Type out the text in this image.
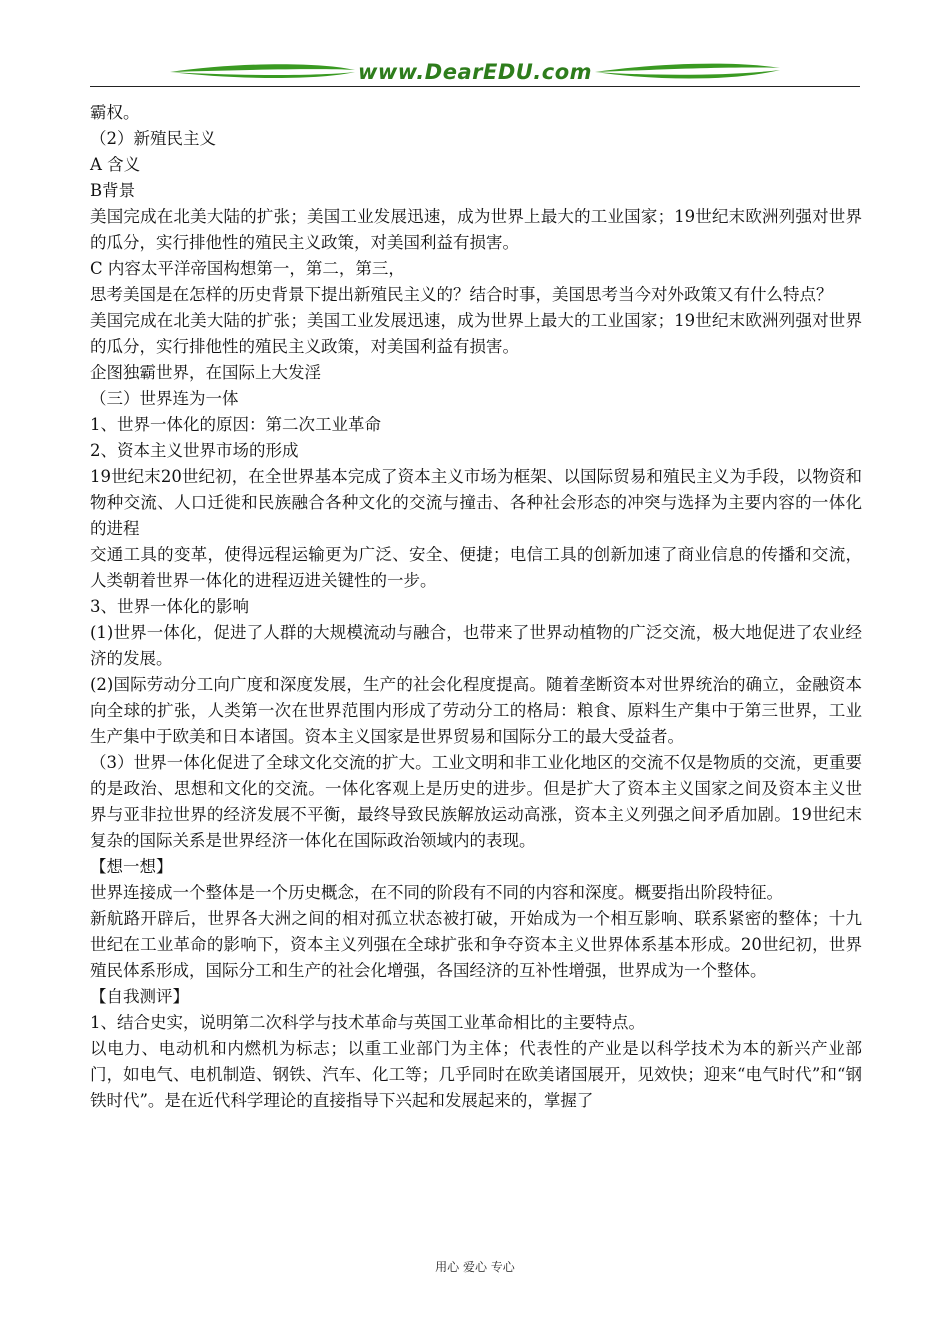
www.DearEDU.com

霸权。

（2）新殖民主义

A 含义

B背景

美国完成在北美大陆的扩张；美国工业发展迅速，成为世界上最大的工业国家；19世纪末欧洲列强对世界的瓜分，实行排他性的殖民主义政策，对美国利益有损害。

C 内容太平洋帝国构想第一，第二，第三，

思考美国是在怎样的历史背景下提出新殖民主义的？结合时事，美国思考当今对外政策又有什么特点？

美国完成在北美大陆的扩张；美国工业发展迅速，成为世界上最大的工业国家；19世纪末欧洲列强对世界的瓜分，实行排他性的殖民主义政策，对美国利益有损害。

企图独霸世界，在国际上大发淫

（三）世界连为一体

1、世界一体化的原因：第二次工业革命

2、资本主义世界市场的形成

19世纪末20世纪初，在全世界基本完成了资本主义市场为框架、以国际贸易和殖民主义为手段，以物资和物种交流、人口迁徙和民族融合各种文化的交流与撞击、各种社会形态的冲突与选择为主要内容的一体化的进程

交通工具的变革，使得远程运输更为广泛、安全、便捷；电信工具的创新加速了商业信息的传播和交流，人类朝着世界一体化的进程迈进关键性的一步。

3、世界一体化的影响

(1)世界一体化，促进了人群的大规模流动与融合，也带来了世界动植物的广泛交流，极大地促进了农业经济的发展。

(2)国际劳动分工向广度和深度发展，生产的社会化程度提高。随着垄断资本对世界统治的确立，金融资本向全球的扩张，人类第一次在世界范围内形成了劳动分工的格局：粮食、原料生产集中于第三世界，工业生产集中于欧美和日本诸国。资本主义国家是世界贸易和国际分工的最大受益者。

（3）世界一体化促进了全球文化交流的扩大。工业文明和非工业化地区的交流不仅是物质的交流，更重要的是政治、思想和文化的交流。一体化客观上是历史的进步。但是扩大了资本主义国家之间及资本主义世界与亚非拉世界的经济发展不平衡，最终导致民族解放运动高涨，资本主义列强之间矛盾加剧。19世纪末复杂的国际关系是世界经济一体化在国际政治领域内的表现。

【想一想】

世界连接成一个整体是一个历史概念，在不同的阶段有不同的内容和深度。概要指出阶段特征。

新航路开辟后，世界各大洲之间的相对孤立状态被打破，开始成为一个相互影响、联系紧密的整体；十九世纪在工业革命的影响下，资本主义列强在全球扩张和争夺资本主义世界体系基本形成。20世纪初，世界殖民体系形成，国际分工和生产的社会化增强，各国经济的互补性增强，世界成为一个整体。

【自我测评】

1、结合史实，说明第二次科学与技术革命与英国工业革命相比的主要特点。

以电力、电动机和内燃机为标志；以重工业部门为主体；代表性的产业是以科学技术为本的新兴产业部门，如电气、电机制造、钢铁、汽车、化工等；几乎同时在欧美诸国展开，见效快；迎来“电气时代”和“钢铁时代”。是在近代科学理论的直接指导下兴起和发展起来的，掌握了

用心 爱心 专心
